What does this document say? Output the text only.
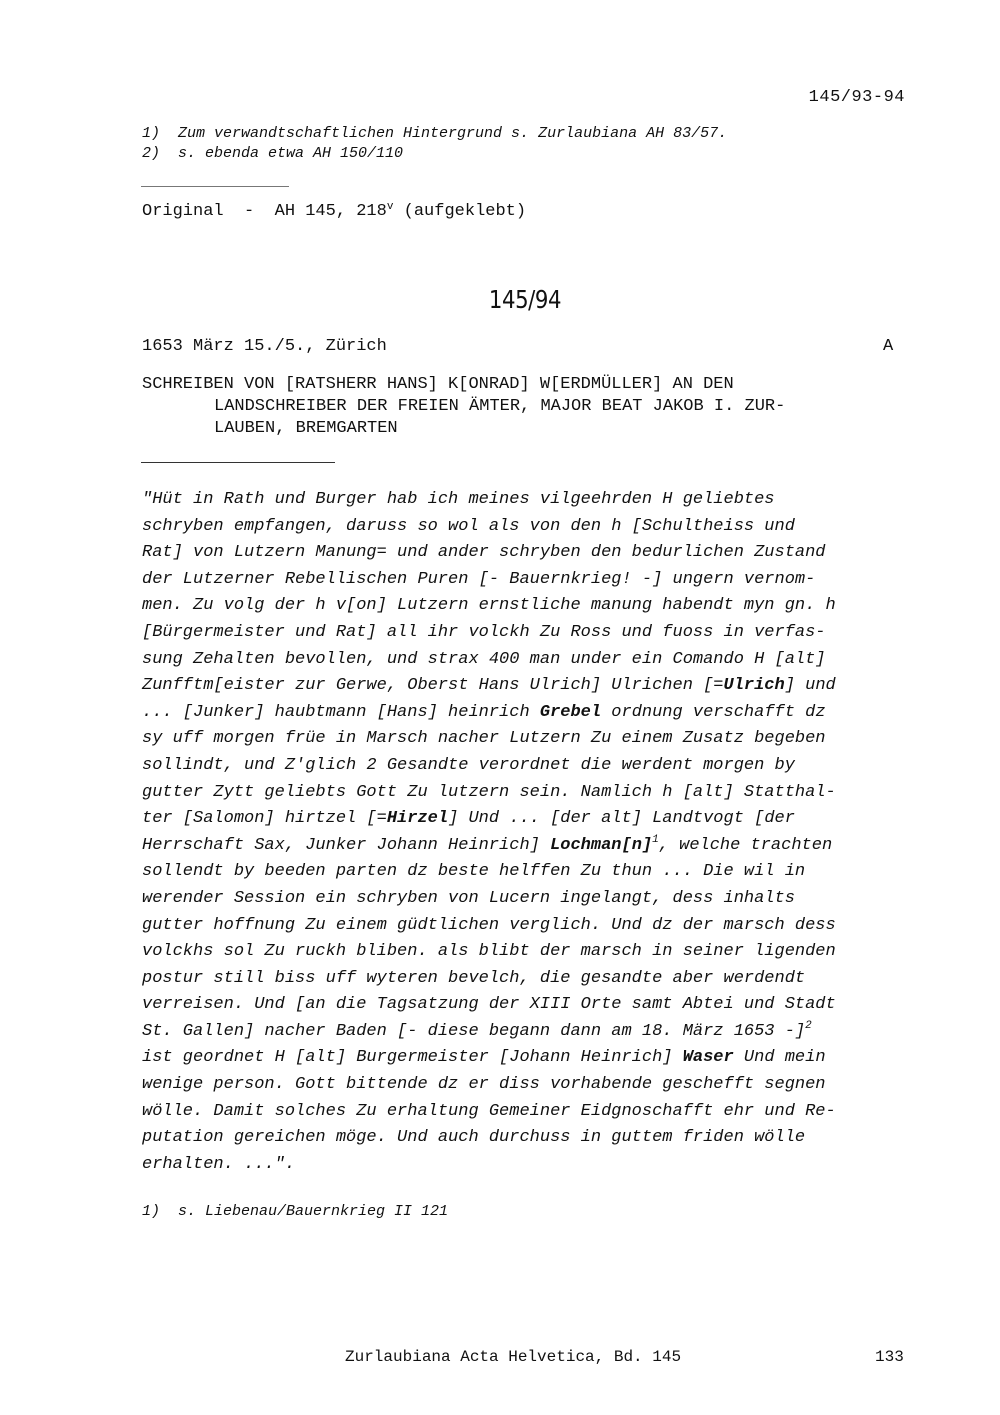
145/93-94
1)  Zum verwandtschaftlichen Hintergrund s. Zurlaubiana AH 83/57.
2)  s. ebenda etwa AH 150/110
Original  -  AH 145, 218$^v$ (aufgeklebt)
145/94
1653 März 15./5., Zürich	A
SCHREIBEN VON [RATSHERR HANS] K[ONRAD] W[ERDMÜLLER] AN DEN
LANDSCHREIBER DER FREIEN ÄMTER, MAJOR BEAT JAKOB I. ZUR-
LAUBEN, BREMGARTEN
"Hüt in Rath und Burger hab ich meines vilgeehrden H geliebtes
schryben empfangen, daruss so wol als von den h [Schultheiss und
Rat] von Lutzern Manung= und ander schryben den bedurlichen Zustand
der Lutzerner Rebellischen Puren [- Bauernkrieg! -] ungern vernom-
men. Zu volg der h v[on] Lutzern ernstliche manung habendt myn gn. h
[Bürgermeister und Rat] all ihr volckh Zu Ross und fuoss in verfas-
sung Zehalten bevollen, und strax 400 man under ein Comando H [alt]
Zunfftm[eister zur Gerwe, Oberst Hans Ulrich] Ulrichen [=Ulrich] und
... [Junker] haubtmann [Hans] heinrich Grebel ordnung verschafft dz
sy uff morgen früe in Marsch nacher Lutzern Zu einem Zusatz begeben
sollindt, und Z'glich 2 Gesandte verordnet die werdent morgen by
gutter Zytt geliebts Gott Zu lutzern sein. Namlich h [alt] Statthal-
ter [Salomon] hirtzel [=Hirzel] Und ... [der alt] Landtvogt [der
Herrschaft Sax, Junker Johann Heinrich] $Lochman[n]^1$, welche trachten
sollendt by beeden parten dz beste helffen Zu thun ... Die wil in
werender Session ein schryben von Lucern ingelangt, dess inhalts
gutter hoffnung Zu einem güdtlichen verglich. Und dz der marsch dess
volckhs sol Zu ruckh bliben. als blibt der marsch in seiner ligenden
postur still biss uff wyteren bevelch, die gesandte aber werdendt
verreisen. Und [an die Tagsatzung der XIII Orte samt Abtei und Stadt
St. Gallen] nacher Baden [- diese begann dann am 18. März 1653 -]$^2$
ist geordnet H [alt] Burgermeister [Johann Heinrich] Waser Und mein
wenige person. Gott bittende dz er diss vorhabende geschefft segnen
wölle. Damit solches Zu erhaltung Gemeiner Eidgnoschafft ehr und Re-
putation gereichen möge. Und auch durchuss in guttem friden wölle
erhalten. ...".
1)  s. Liebenau/Bauernkrieg II 121
Zurlaubiana Acta Helvetica, Bd. 145	133
